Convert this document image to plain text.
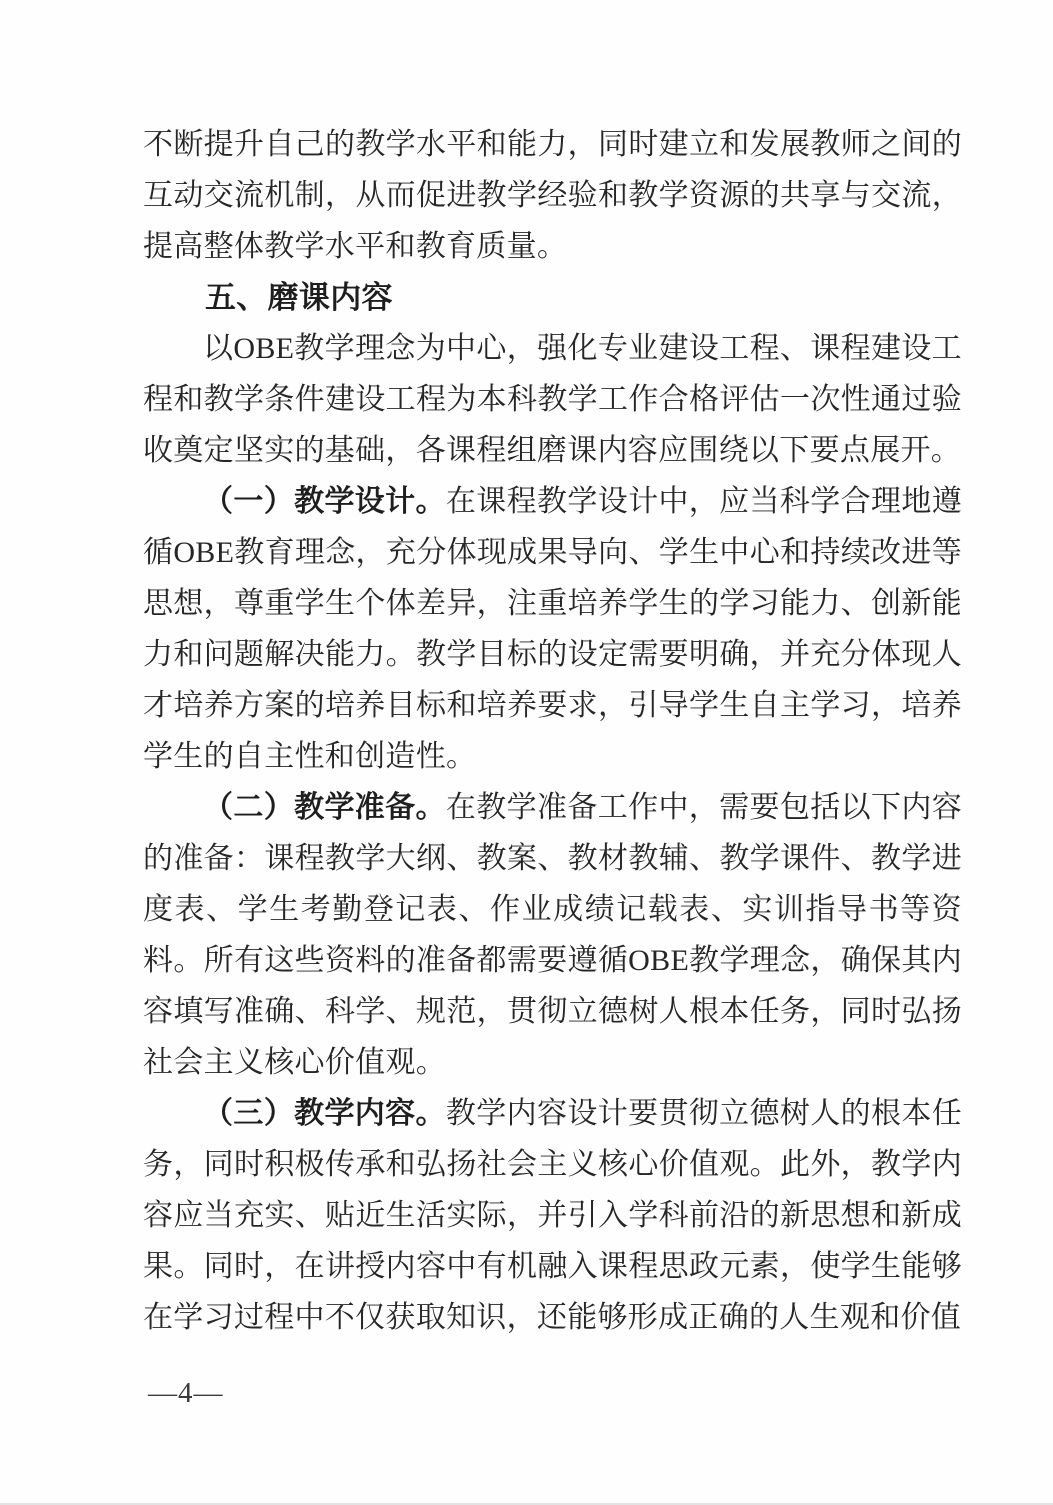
不断提升自己的教学水平和能力，同时建立和发展教师之间的互动交流机制，从而促进教学经验和教学资源的共享与交流，提高整体教学水平和教育质量。

五、磨课内容

以OBE教学理念为中心，强化专业建设工程、课程建设工程和教学条件建设工程为本科教学工作合格评估一次性通过验收奠定坚实的基础，各课程组磨课内容应围绕以下要点展开。

（一）教学设计。在课程教学设计中，应当科学合理地遵循OBE教育理念，充分体现成果导向、学生中心和持续改进等思想，尊重学生个体差异，注重培养学生的学习能力、创新能力和问题解决能力。教学目标的设定需要明确，并充分体现人才培养方案的培养目标和培养要求，引导学生自主学习，培养学生的自主性和创造性。

（二）教学准备。在教学准备工作中，需要包括以下内容的准备：课程教学大纲、教案、教材教辅、教学课件、教学进度表、学生考勤登记表、作业成绩记载表、实训指导书等资料。所有这些资料的准备都需要遵循OBE教学理念，确保其内容填写准确、科学、规范，贯彻立德树人根本任务，同时弘扬社会主义核心价值观。

（三）教学内容。教学内容设计要贯彻立德树人的根本任务，同时积极传承和弘扬社会主义核心价值观。此外，教学内容应当充实、贴近生活实际，并引入学科前沿的新思想和新成果。同时，在讲授内容中有机融入课程思政元素，使学生能够在学习过程中不仅获取知识，还能够形成正确的人生观和价值

—4—
